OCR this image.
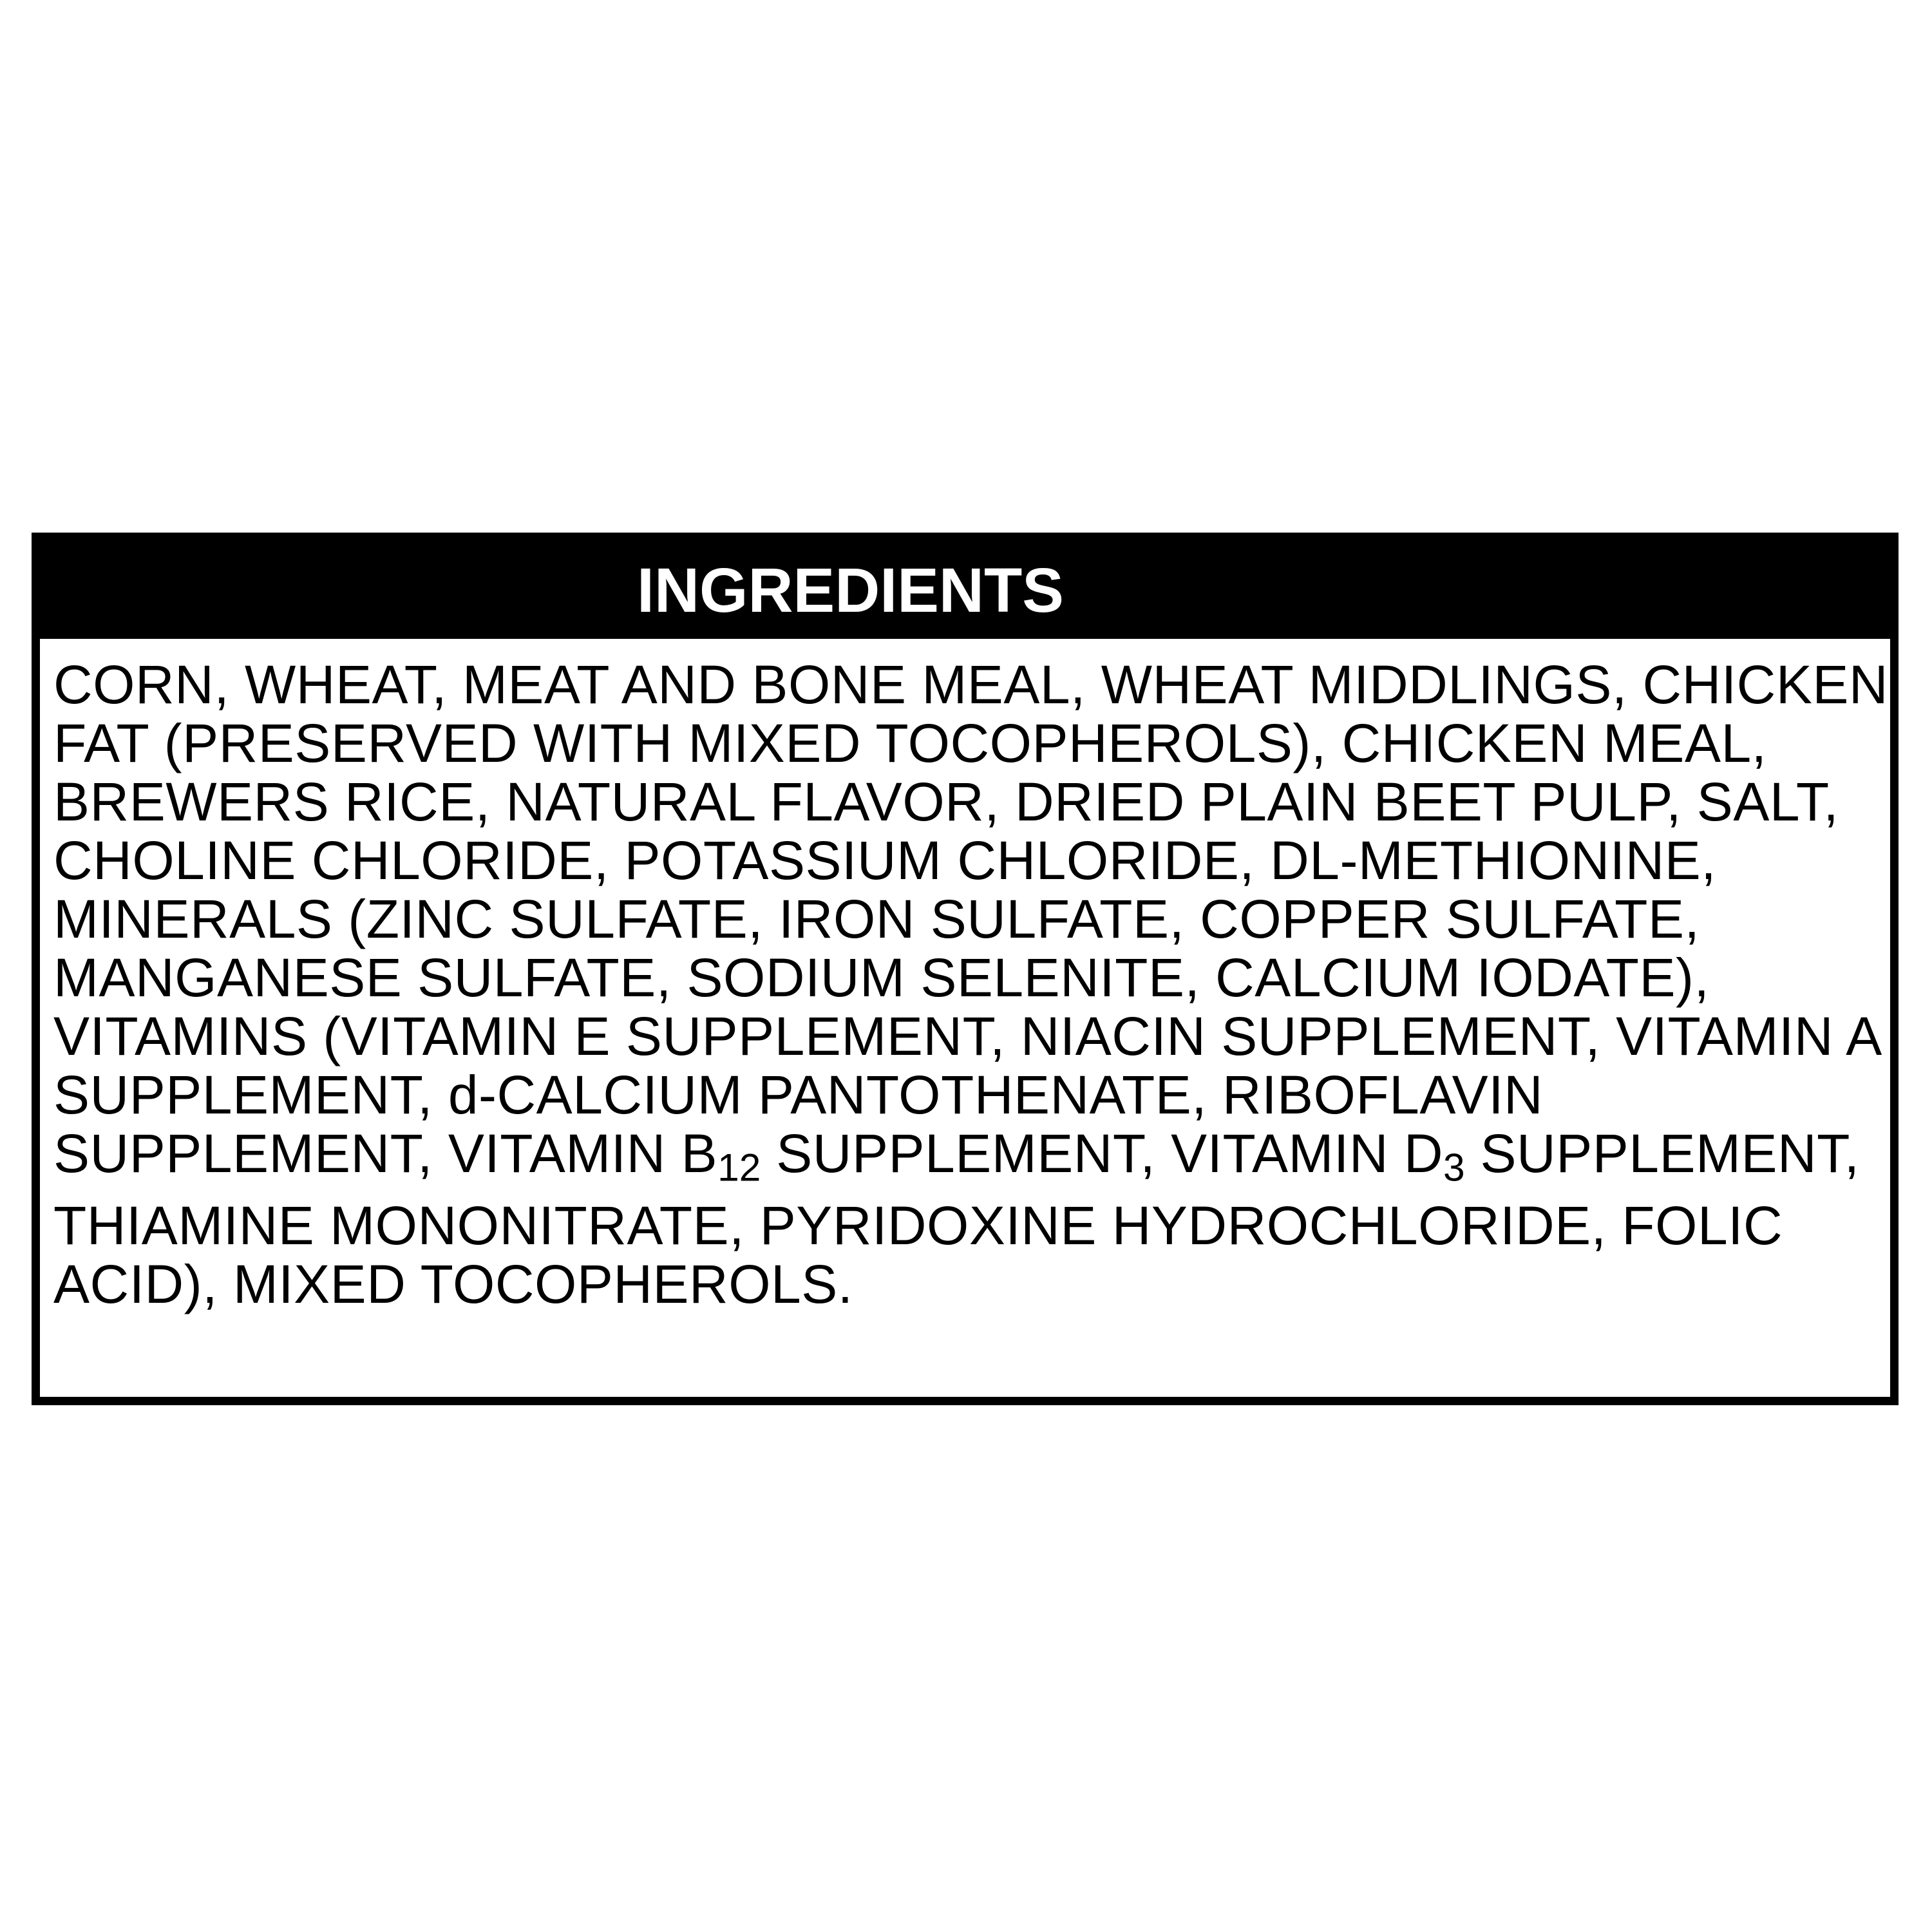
INGREDIENTS
CORN, WHEAT, MEAT AND BONE MEAL, WHEAT MIDDLINGS, CHICKEN
FAT (PRESERVED WITH MIXED TOCOPHEROLS), CHICKEN MEAL,
BREWERS RICE, NATURAL FLAVOR, DRIED PLAIN BEET PULP, SALT,
CHOLINE CHLORIDE, POTASSIUM CHLORIDE, DL-METHIONINE,
MINERALS (ZINC SULFATE, IRON SULFATE, COPPER SULFATE,
MANGANESE SULFATE, SODIUM SELENITE, CALCIUM IODATE),
VITAMINS (VITAMIN E SUPPLEMENT, NIACIN SUPPLEMENT, VITAMIN A
SUPPLEMENT, d-CALCIUM PANTOTHENATE, RIBOFLAVIN
SUPPLEMENT, VITAMIN $B_{12}$ SUPPLEMENT, VITAMIN $D_3$ SUPPLEMENT,
THIAMINE MONONITRATE, PYRIDOXINE HYDROCHLORIDE, FOLIC
ACID), MIXED TOCOPHEROLS.
